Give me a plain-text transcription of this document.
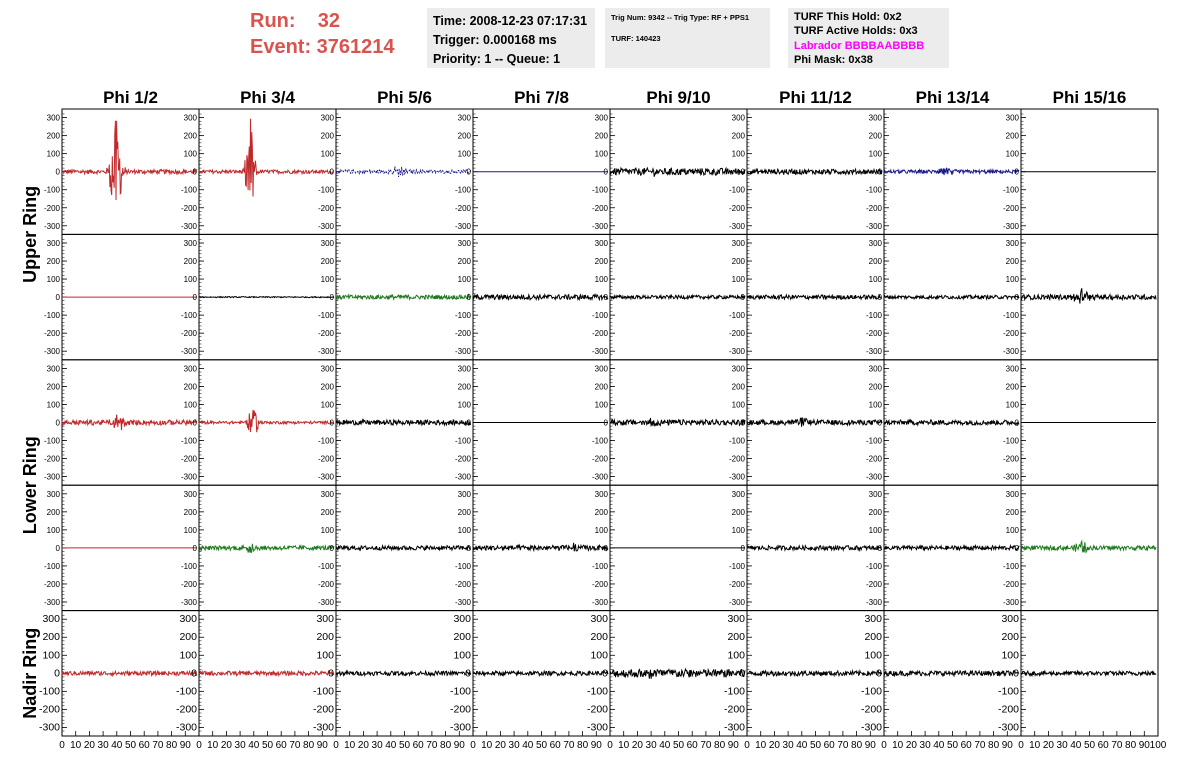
Run:    32
Event: 3761214
Time: 2008-12-23 07:17:31
Trigger: 0.000168 ms
Priority: 1 -- Queue: 1
Trig Num: 9342 -- Trig Type: RF + PPS1
TURF: 140423
TURF This Hold: 0x2
TURF Active Holds: 0x3
Labrador BBBBAABBBB
Phi Mask: 0x38
Phi 1/2	Phi 3/4	Phi 5/6	Phi 7/8	Phi 9/10	Phi 11/12	Phi 13/14	Phi 15/16
Upper Ring
Lower Ring
Nadir Ring
-300
-200
-100
0
100
200
300
-300
-200
-100
0
100
200
300
-300
-200
-100
0
100
200
300
-300
-200
-100
0
100
200
300
-300
-200
-100
0
100
200
300
-300
-200
-100
0
100
200
300
-300
-200
-100
0
100
200
300
-300
-200
-100
0
100
200
300
-300
-200
-100
0
100
200
300
-300
-200
-100
0
100
200
300
-300
-200
-100
0
100
200
300
-300
-200
-100
0
100
200
300
-300
-200
-100
0
100
200
300
-300
-200
-100
0
100
200
300
-300
-200
-100
0
100
200
300
-300
-200
-100
0
100
200
300
-300
-200
-100
0
100
200
300
-300
-200
-100
0
100
200
300
-300
-200
-100
0
100
200
300
-300
-200
-100
0
100
200
300
-300
-200
-100
0
100
200
300
-300
-200
-100
0
100
200
300
-300
-200
-100
0
100
200
300
-300
-200
-100
0
100
200
300
-300
-200
-100
0
100
200
300
-300
-200
-100
0
100
200
300
-300
-200
-100
0
100
200
300
-300
-200
-100
0
100
200
300
-300
-200
-100
0
100
200
300
-300
-200
-100
0
100
200
300
-300
-200
-100
0
100
200
300
-300
-200
-100
0
100
200
300
-300
-200
-100
0
100
200
300
-300
-200
-100
0
100
200
300
-300
-200
-100
0
100
200
300
-300
-200
-100
0
100
200
300
-300
-200
-100
0
100
200
300
-300
-200
-100
0
100
200
300
-300
-200
-100
0
100
200
300
-300
-200
-100
0
100
200
300
0 10 20 30 40 50 60 70 80 90 0 10 20 30 40 50 60 70 80 90 0 10 20 30 40 50 60 70 80 90 0 10 20 30 40 50 60 70 80 90 0 10 20 30 40 50 60 70 80 90 0 10 20 30 40 50 60 70 80 90 0 10 20 30 40 50 60 70 80 90 0 10 20 30 40 50 60 70 80 90 100
